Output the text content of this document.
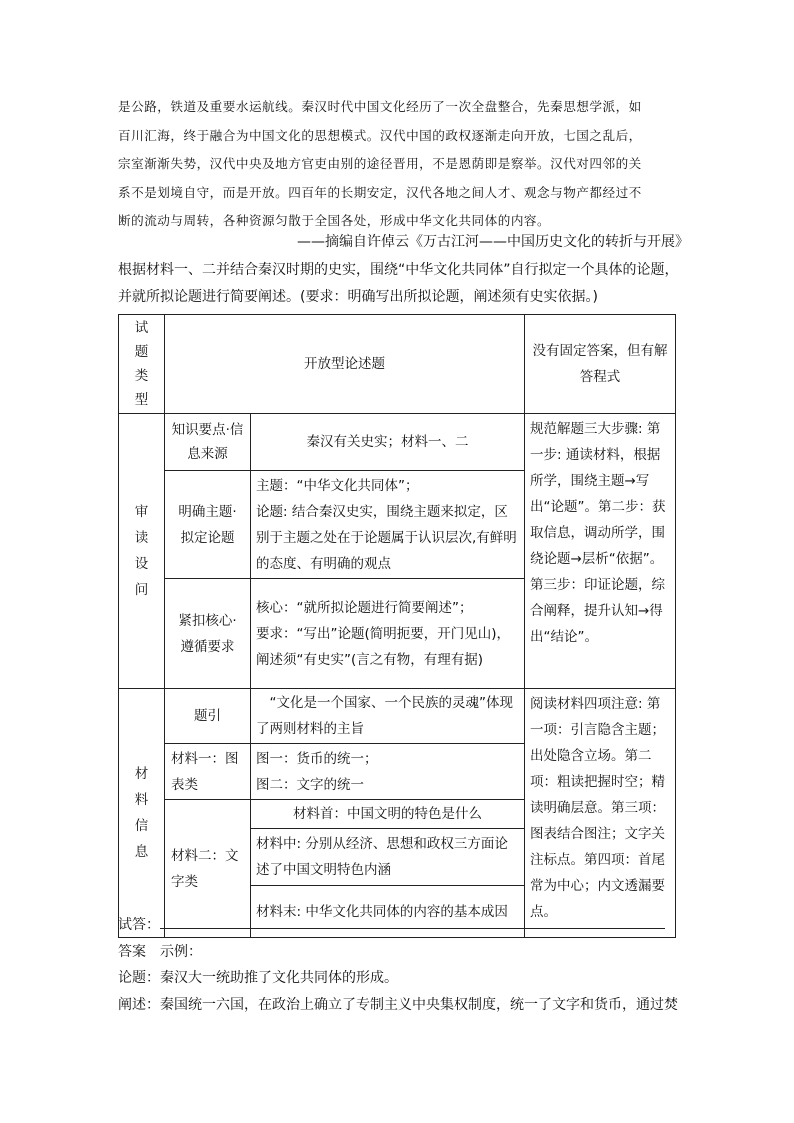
是公路，铁道及重要水运航线。秦汉时代中国文化经历了一次全盘整合，先秦思想学派，如

百川汇海，终于融合为中国文化的思想模式。汉代中国的政权逐渐走向开放，七国之乱后，

宗室渐渐失势，汉代中央及地方官吏由别的途径晋用，不是恩荫即是察举。汉代对四邻的关

系不是划境自守，而是开放。四百年的长期安定，汉代各地之间人才、观念与物产都经过不

断的流动与周转，各种资源匀散于全国各处，形成中华文化共同体的内容。

——摘编自许倬云《万古江河——中国历史文化的转折与开展》

根据材料一、二并结合秦汉时期的史实，围绕“中华文化共同体”自行拟定一个具体的论题，

并就所拟论题进行简要阐述。(要求：明确写出所拟论题，阐述须有史实依据。)

试题类型	开放型论述题		没有固定答案，但有解答程式
审读设问	知识要点·信息来源	秦汉有关史实；材料一、二	规范解题三大步骤: 第一步: 通读材料，根据所学，围绕主题→写出“论题”。第二步：获取信息，调动所学，围绕论题→层析“依据”。第三步：印证论题，综合阐释，提升认知→得出“结论”。
	明确主题·拟定论题	主题：“中华文化共同体”；
论题: 结合秦汉史实，围绕主题来拟定，区别于主题之处在于论题属于认识层次,有鲜明的态度、有明确的观点	

	紧扣核心·遵循要求	核心：“就所拟论题进行简要阐述”；
要求：“写出”论题(简明扼要，开门见山)，阐述须“有史实”(言之有物，有理有据)	

材料信息	题引	“文化是一个国家、一个民族的灵魂”体现了两则材料的主旨	阅读材料四项注意: 第一项：引言隐含主题；出处隐含立场。第二项：粗读把握时空；精读明确层意。第三项：图表结合图注；文字关注标点。第四项：首尾常为中心；内文透漏要点。
	材料一：图表类	图一：货币的统一；
图二：文字的统一	

	材料二：文字类	材料首：中国文明的特色是什么	
		材料中: 分别从经济、思想和政权三方面论述了中国文明特色内涵	
		材料末: 中华文化共同体的内容的基本成因	

试答：

答案  示例：

论题：秦汉大一统助推了文化共同体的形成。

阐述：秦国统一六国，在政治上确立了专制主义中央集权制度，统一了文字和货币，通过焚
